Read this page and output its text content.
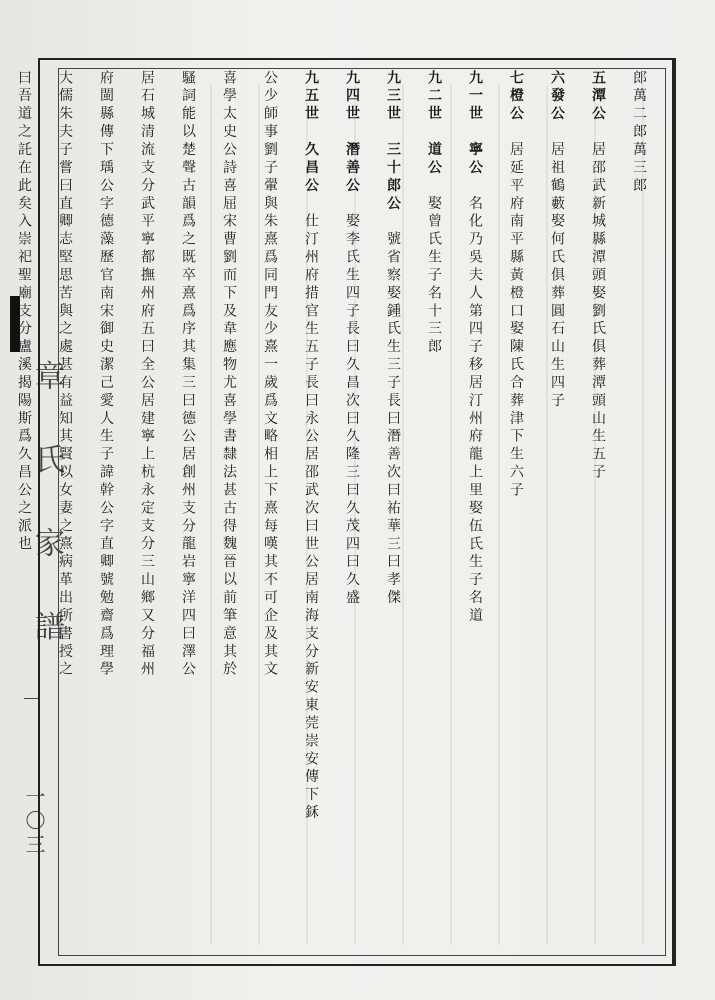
章 氏 家 譜
一〇三
郎萬二郎萬三郎
五潭公　居邵武新城縣潭頭娶劉氏俱葬潭頭山生五子
六發公　居祖鶴藪娶何氏俱葬圓石山生四子
七橙公　居延平府南平縣黃橙口娶陳氏合葬津下生六子
九一世　寧公　名化乃吳夫人第四子移居汀州府龍上里娶伍氏生子名道
九二世　道公　娶曾氏生子名十三郎
九三世　三十郎公　號省察娶鍾氏生三子長曰潛善次曰祐華三曰孝傑
九四世　潛善公　娶李氏生四子長曰久昌次曰久隆三曰久茂四曰久盛
九五世　久昌公　仕汀州府措官生五子長曰永公居邵武次曰世公居南海支分新安東莞崇安傳下鉌
公少師事劉子翬與朱熹爲同門友少熹一歲爲文略相上下熹每嘆其不可企及其文
喜學太史公詩喜屈宋曹劉而下及韋應物尤喜學書隸法甚古得魏晉以前筆意其於
騷詞能以楚聲古韻爲之既卒熹爲序其集三曰德公居創州支分龍岩寧洋四曰澤公
居石城清流支分武平寧都撫州府五曰全公居建寧上杭永定支分三山鄉又分福州
府閩縣傳下瑀公字德藻歷官南宋御史潔己愛人生子諱幹公字直卿號勉齋爲理學
大儒朱夫子嘗曰直卿志堅思苦與之處甚有益知其賢以女妻之熹病革出所書授之
曰吾道之託在此矣入崇祀聖廟支分盧溪揭陽斯爲久昌公之派也
